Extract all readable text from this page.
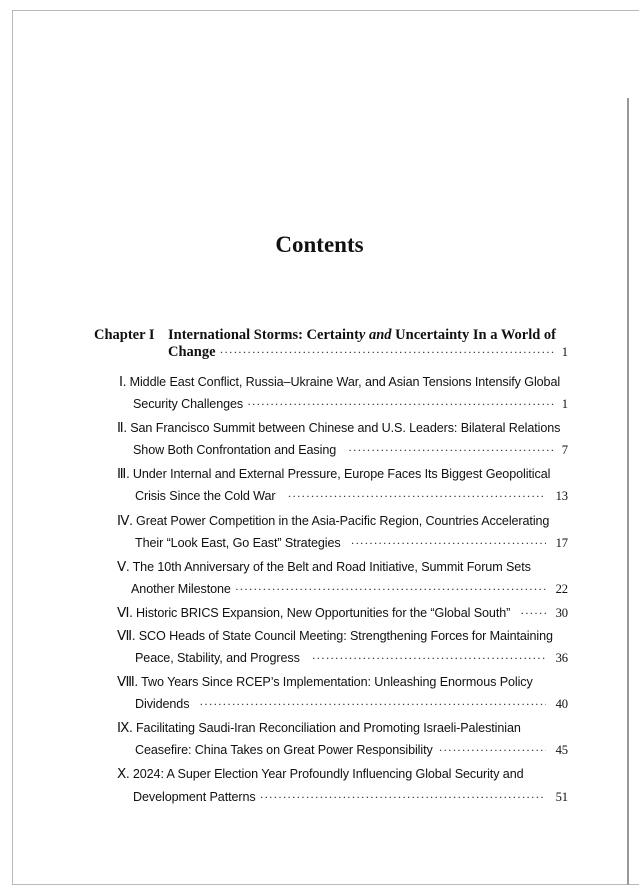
Contents
Chapter I International Storms: Certainty and Uncertainty In a World of
Change ·····	1
Ⅰ. Middle East Conflict, Russia–Ukraine War, and Asian Tensions Intensify Global
Security Challenges ·····	1
Ⅱ. San Francisco Summit between Chinese and U.S. Leaders: Bilateral Relations
Show Both Confrontation and Easing ·····	7
Ⅲ. Under Internal and External Pressure, Europe Faces Its Biggest Geopolitical
Crisis Since the Cold War ·····	13
Ⅳ. Great Power Competition in the Asia-Pacific Region, Countries Accelerating
Their “Look East, Go East” Strategies ·····	17
Ⅴ. The 10th Anniversary of the Belt and Road Initiative, Summit Forum Sets
Another Milestone ·····	22
Ⅵ. Historic BRICS Expansion, New Opportunities for the “Global South” ·····	30
Ⅶ. SCO Heads of State Council Meeting: Strengthening Forces for Maintaining
Peace, Stability, and Progress ·····	36
Ⅷ. Two Years Since RCEP’s Implementation: Unleashing Enormous Policy
Dividends ·····	40
Ⅸ. Facilitating Saudi-Iran Reconciliation and Promoting Israeli-Palestinian
Ceasefire: China Takes on Great Power Responsibility ·····	45
Ⅹ. 2024: A Super Election Year Profoundly Influencing Global Security and
Development Patterns ·····	51
